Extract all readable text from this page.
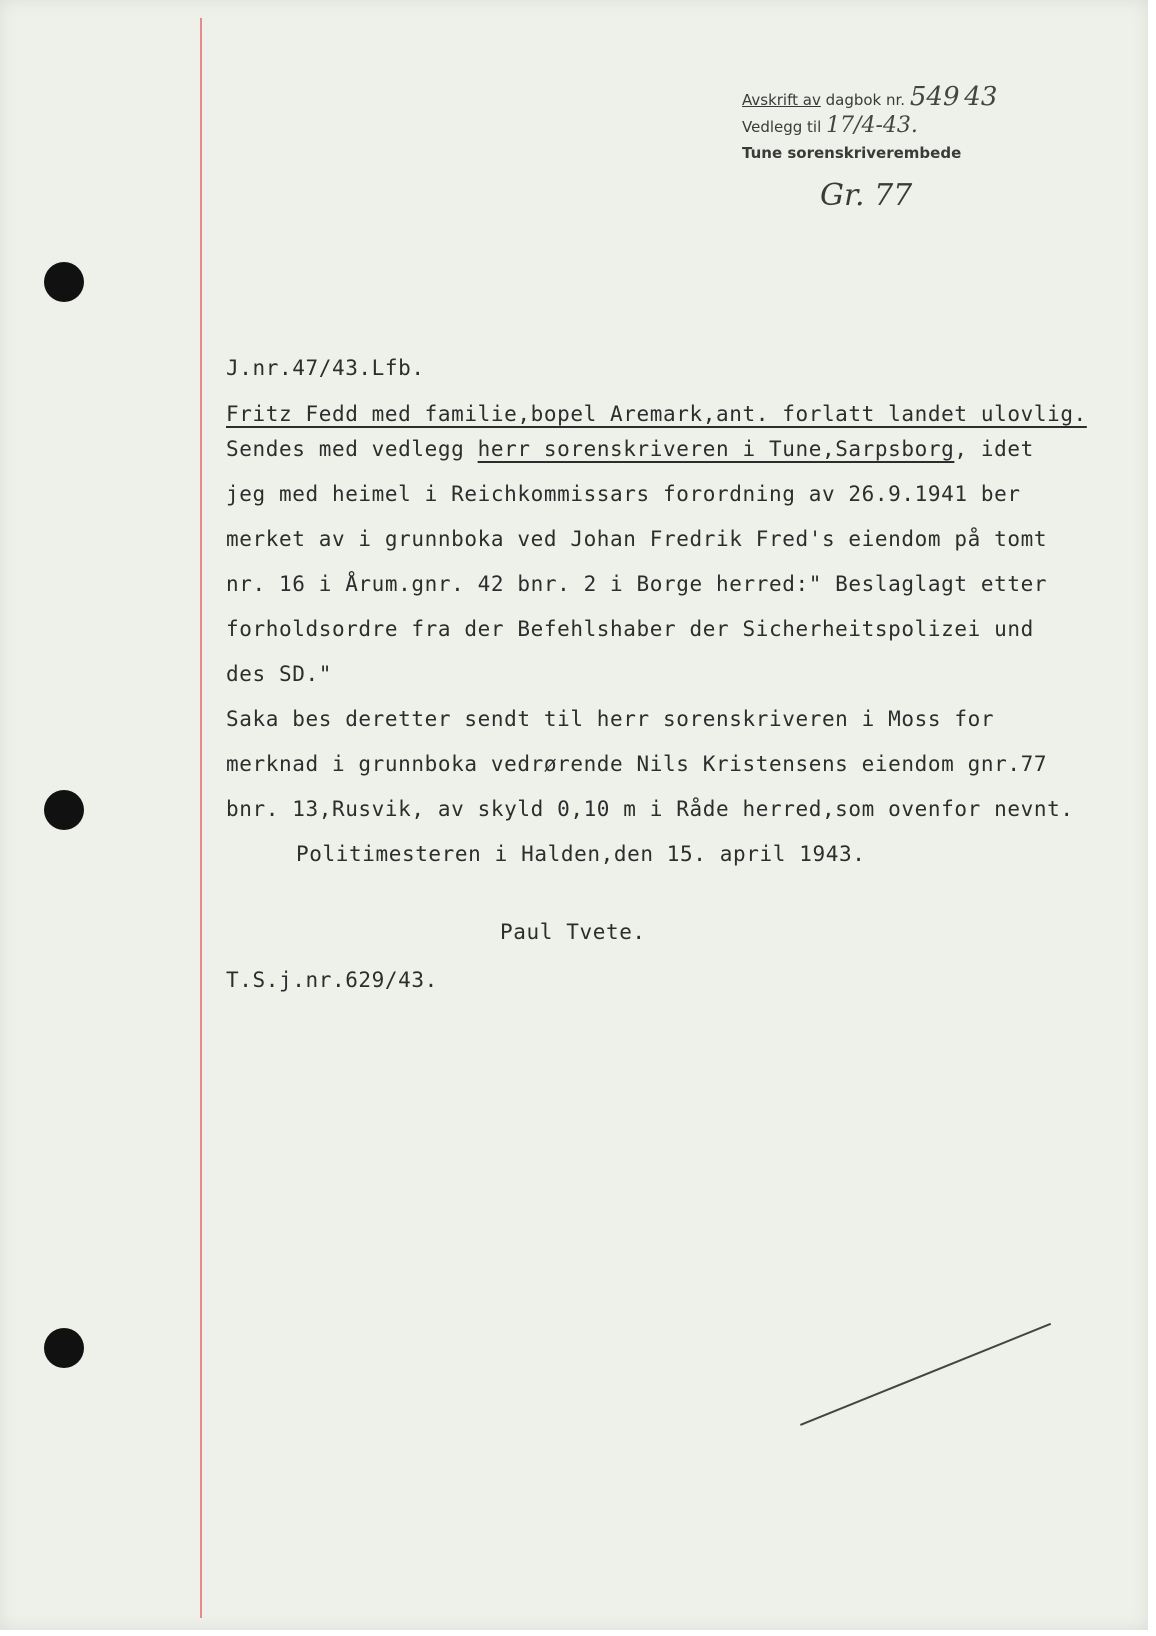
Avskrift av dagbok nr. 549 43
Vedlegg til 17/4-43.
Tune sorenskriverembede
Gr. 77
J.nr.47/43.Lfb.
Fritz Fedd med familie,bopel Aremark,ant. forlatt landet ulovlig.
Sendes med vedlegg herr sorenskriveren i Tune,Sarpsborg, idet
jeg med heimel i Reichkommissars forordning av 26.9.1941 ber
merket av i grunnboka ved Johan Fredrik Fred's eiendom på tomt
nr. 16 i Årum.gnr. 42 bnr. 2 i Borge herred:" Beslaglagt etter
forholdsordre fra der Befehlshaber der Sicherheitspolizei und
des SD."
Saka bes deretter sendt til herr sorenskriveren i Moss for
merknad i grunnboka vedrørende Nils Kristensens eiendom gnr.77
bnr. 13,Rusvik, av skyld 0,10 m i Råde herred,som ovenfor nevnt.
Politimesteren i Halden,den 15. april 1943.
Paul Tvete.
T.S.j.nr.629/43.
